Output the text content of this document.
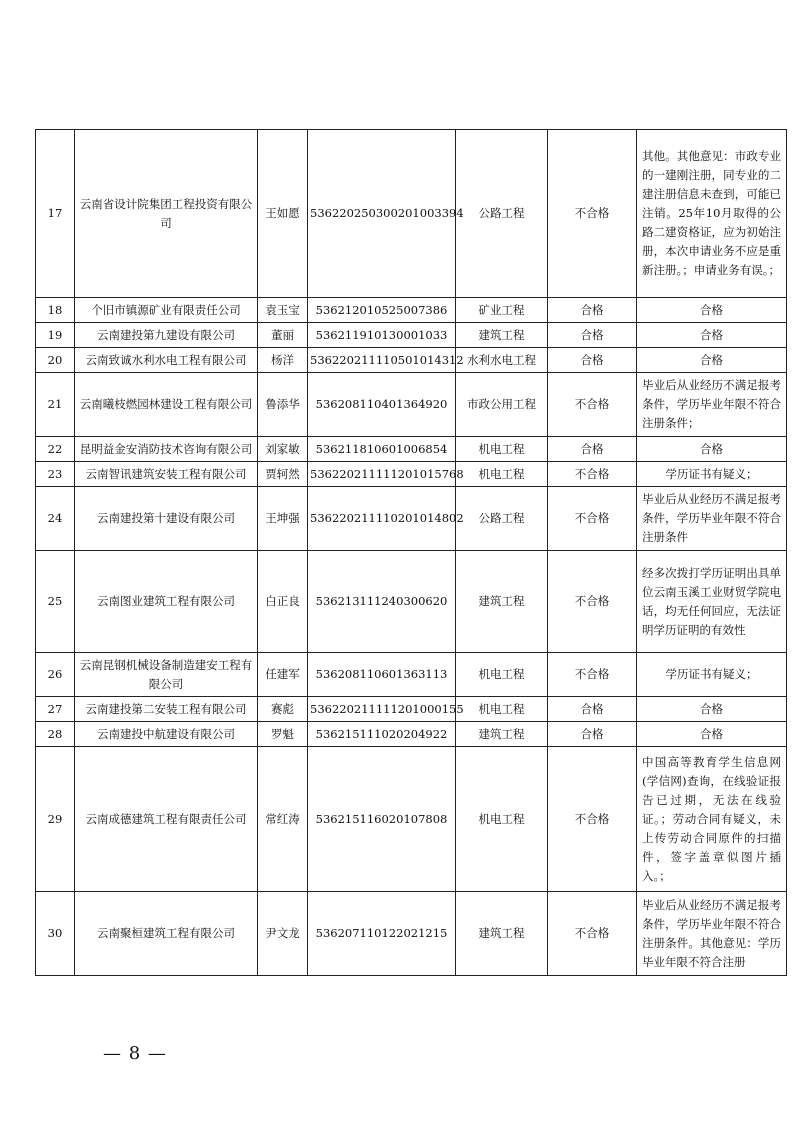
17	云南省设计院集团工程投资有限公司	王如愿	536220250300201003394	公路工程	不合格	其他。其他意见：市政专业的一建刚注册，同专业的二建注册信息未查到，可能已注销。25年10月取得的公路二建资格证，应为初始注册，本次申请业务不应是重新注册。；申请业务有误。；
18	个旧市镇源矿业有限责任公司	袁玉宝	536212010525007386	矿业工程	合格	合格
19	云南建投第九建设有限公司	董丽	536211910130001033	建筑工程	合格	合格
20	云南致诚水利水电工程有限公司	杨洋	536220211110501014312	水利水电工程	合格	合格
21	云南曦枝燃园林建设工程有限公司	鲁添华	536208110401364920	市政公用工程	不合格	毕业后从业经历不满足报考条件，学历毕业年限不符合注册条件；
22	昆明益金安消防技术咨询有限公司	刘家敏	536211810601006854	机电工程	合格	合格
23	云南智讯建筑安装工程有限公司	贾轲然	536220211111201015768	机电工程	不合格	学历证书有疑义；
24	云南建投第十建设有限公司	王坤强	536220211110201014802	公路工程	不合格	毕业后从业经历不满足报考条件，学历毕业年限不符合注册条件
25	云南图业建筑工程有限公司	白正良	536213111240300620	建筑工程	不合格	经多次拨打学历证明出具单位云南玉溪工业财贸学院电话，均无任何回应，无法证明学历证明的有效性
26	云南昆钢机械设备制造建安工程有限公司	任建军	536208110601363113	机电工程	不合格	学历证书有疑义；
27	云南建投第二安装工程有限公司	赛彪	536220211111201000155	机电工程	合格	合格
28	云南建投中航建设有限公司	罗魁	536215111020204922	建筑工程	合格	合格
29	云南成德建筑工程有限责任公司	常红涛	536215116020107808	机电工程	不合格	中国高等教育学生信息网(学信网)查询，在线验证报告已过期，无法在线验证。；劳动合同有疑义，未上传劳动合同原件的扫描件，签字盖章似图片插入。；
30	云南聚桓建筑工程有限公司	尹文龙	536207110122021215	建筑工程	不合格	毕业后从业经历不满足报考条件，学历毕业年限不符合注册条件。其他意见：学历毕业年限不符合注册
— 8 —
